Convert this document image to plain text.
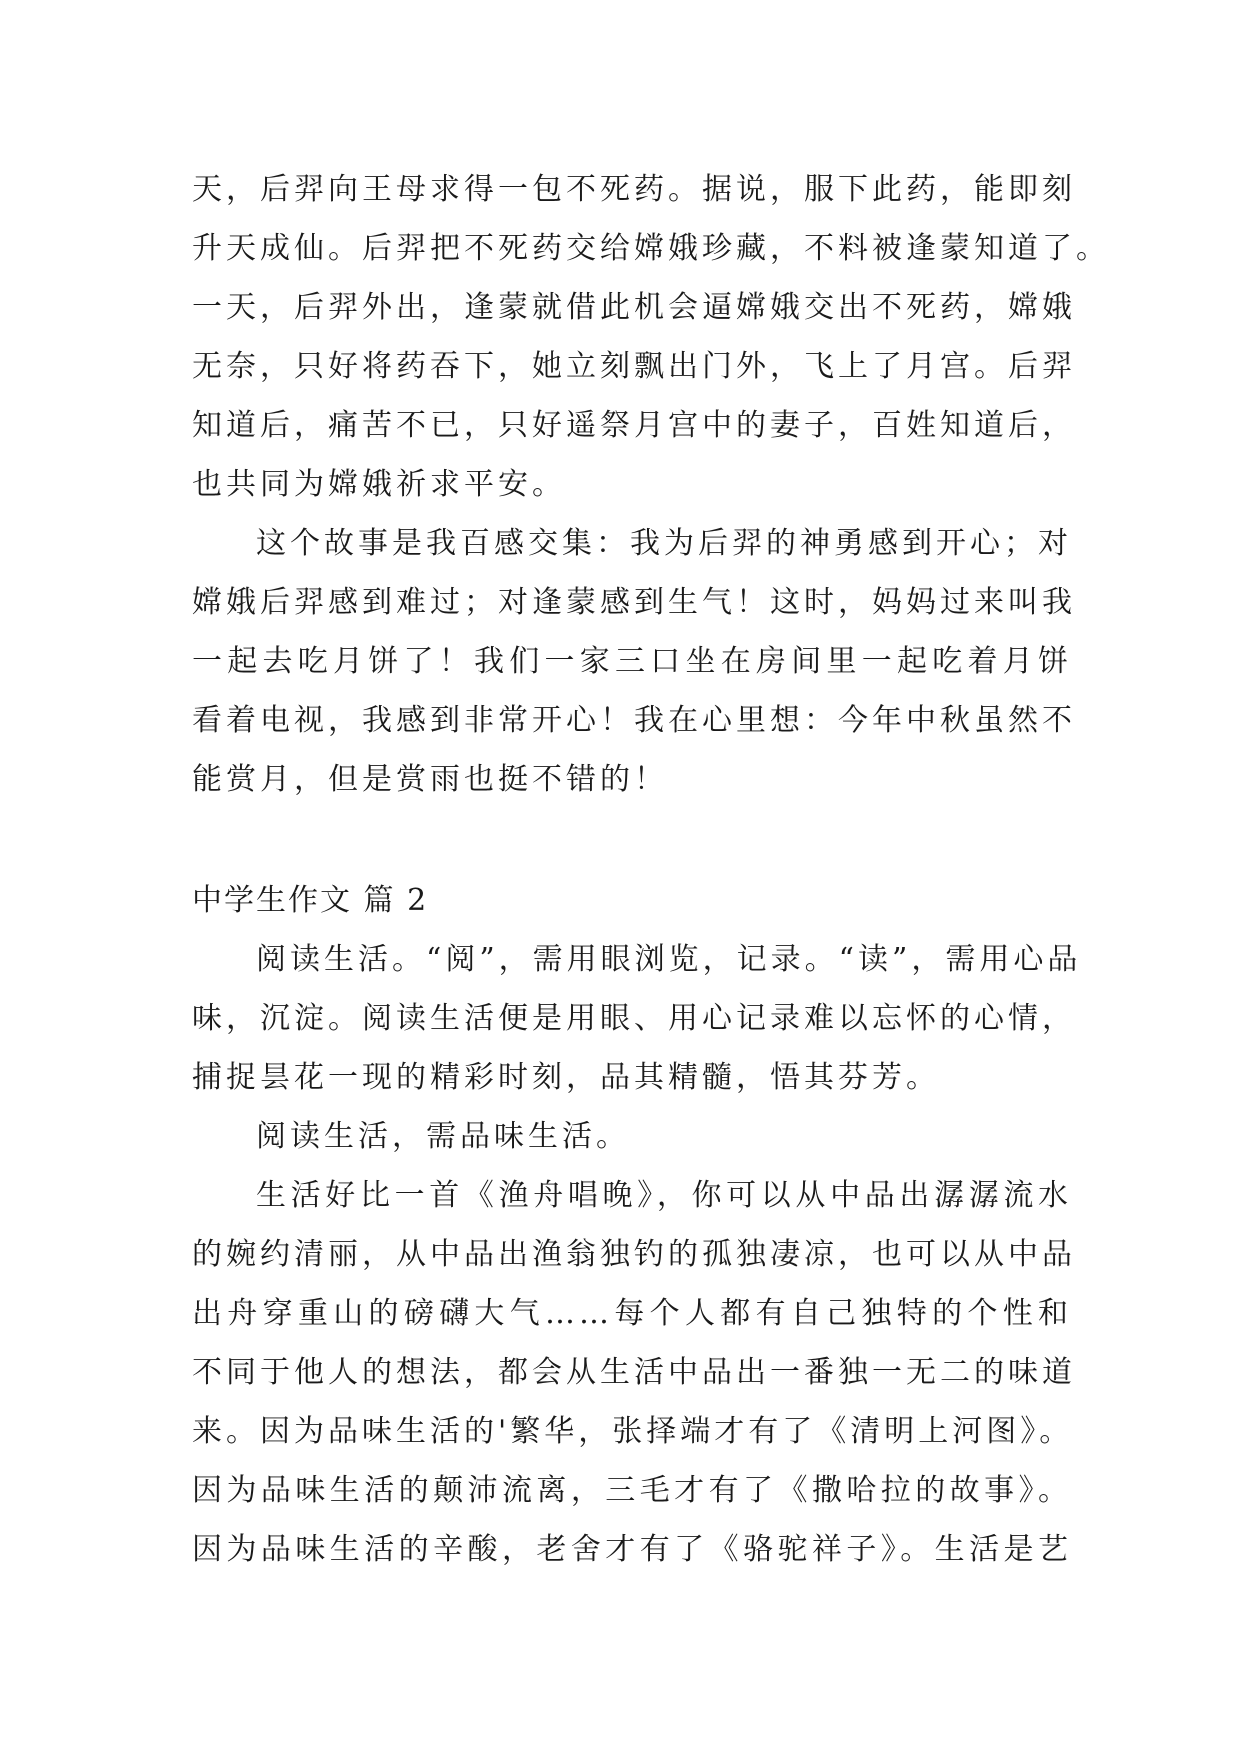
天，后羿向王母求得一包不死药。据说，服下此药，能即刻
升天成仙。后羿把不死药交给嫦娥珍藏，不料被逢蒙知道了。
一天，后羿外出，逢蒙就借此机会逼嫦娥交出不死药，嫦娥
无奈，只好将药吞下，她立刻飘出门外，飞上了月宫。后羿
知道后，痛苦不已，只好遥祭月宫中的妻子，百姓知道后，
也共同为嫦娥祈求平安。
这个故事是我百感交集：我为后羿的神勇感到开心；对
嫦娥后羿感到难过；对逢蒙感到生气！这时，妈妈过来叫我
一起去吃月饼了！我们一家三口坐在房间里一起吃着月饼
看着电视，我感到非常开心！我在心里想：今年中秋虽然不
能赏月，但是赏雨也挺不错的！
中学生作文 篇 2
阅读生活。“阅”，需用眼浏览，记录。“读”，需用心品
味，沉淀。阅读生活便是用眼、用心记录难以忘怀的心情，
捕捉昙花一现的精彩时刻，品其精髓，悟其芬芳。
阅读生活，需品味生活。
生活好比一首《渔舟唱晚》，你可以从中品出潺潺流水
的婉约清丽，从中品出渔翁独钓的孤独凄凉，也可以从中品
出舟穿重山的磅礴大气……每个人都有自己独特的个性和
不同于他人的想法，都会从生活中品出一番独一无二的味道
来。因为品味生活的'繁华，张择端才有了《清明上河图》。
因为品味生活的颠沛流离，三毛才有了《撒哈拉的故事》。
因为品味生活的辛酸，老舍才有了《骆驼祥子》。生活是艺
